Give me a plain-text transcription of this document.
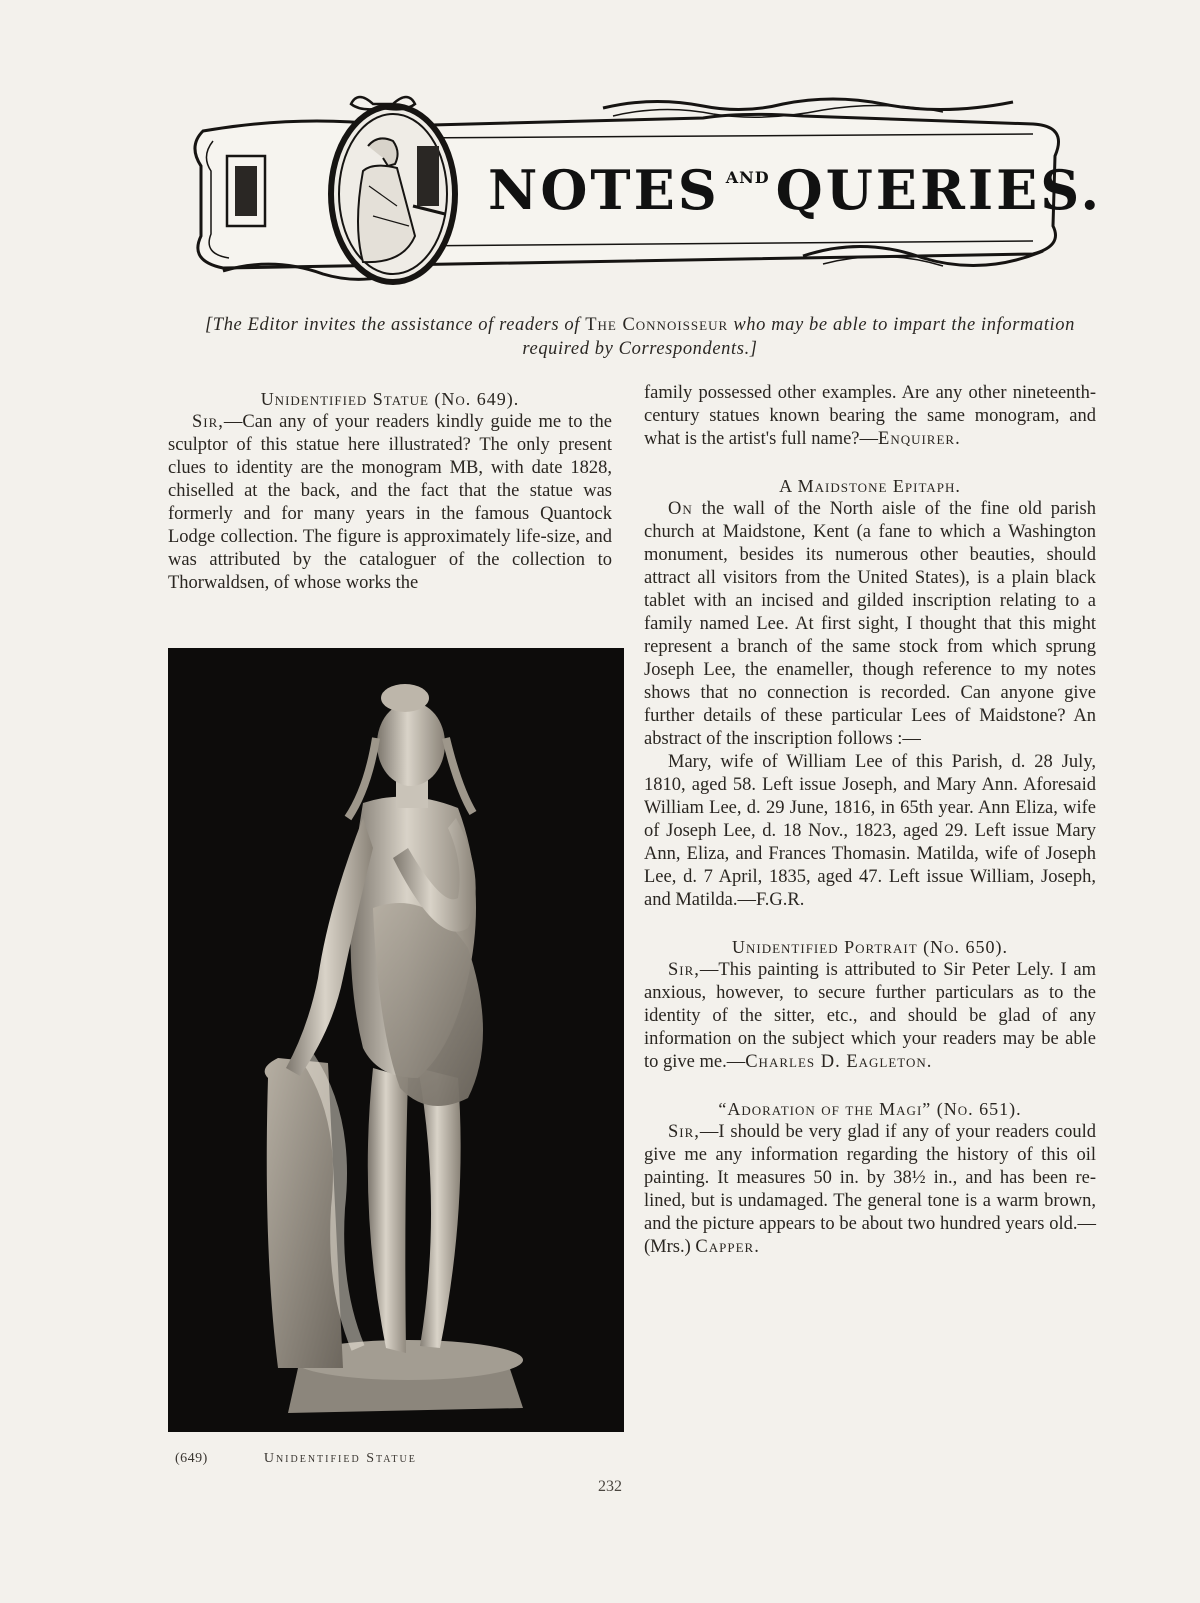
NOTES $^{AND}$ QUERIES.
[The Editor invites the assistance of readers of The Connoisseur who may be able to impart the information required by Correspondents.]

Unidentified Statue (No. 649).

Sir,—Can any of your readers kindly guide me to the sculptor of this statue here illustrated? The only present clues to identity are the monogram MB, with date 1828, chiselled at the back, and the fact that the statue was formerly and for many years in the famous Quantock Lodge collection. The figure is approximately life-size, and was attributed by the cataloguer of the collection to Thorwaldsen, of whose works the

(649)	Unidentified Statue

family possessed other examples. Are any other nineteenth-century statues known bearing the same monogram, and what is the artist's full name?—Enquirer.

A Maidstone Epitaph.

On the wall of the North aisle of the fine old parish church at Maidstone, Kent (a fane to which a Washington monument, besides its numerous other beauties, should attract all visitors from the United States), is a plain black tablet with an incised and gilded inscription relating to a family named Lee. At first sight, I thought that this might represent a branch of the same stock from which sprung Joseph Lee, the enameller, though reference to my notes shows that no connection is recorded. Can anyone give further details of these particular Lees of Maidstone? An abstract of the inscription follows :—

Mary, wife of William Lee of this Parish, d. 28 July, 1810, aged 58. Left issue Joseph, and Mary Ann. Aforesaid William Lee, d. 29 June, 1816, in 65th year. Ann Eliza, wife of Joseph Lee, d. 18 Nov., 1823, aged 29. Left issue Mary Ann, Eliza, and Frances Thomasin. Matilda, wife of Joseph Lee, d. 7 April, 1835, aged 47. Left issue William, Joseph, and Matilda.—F.G.R.

Unidentified Portrait (No. 650).

Sir,—This painting is attributed to Sir Peter Lely. I am anxious, however, to secure further particulars as to the identity of the sitter, etc., and should be glad of any information on the subject which your readers may be able to give me.—Charles D. Eagleton.

“Adoration of the Magi” (No. 651).

Sir,—I should be very glad if any of your readers could give me any information regarding the history of this oil painting. It measures 50 in. by 38½ in., and has been re-lined, but is undamaged. The general tone is a warm brown, and the picture appears to be about two hundred years old.—(Mrs.) Capper.

232
